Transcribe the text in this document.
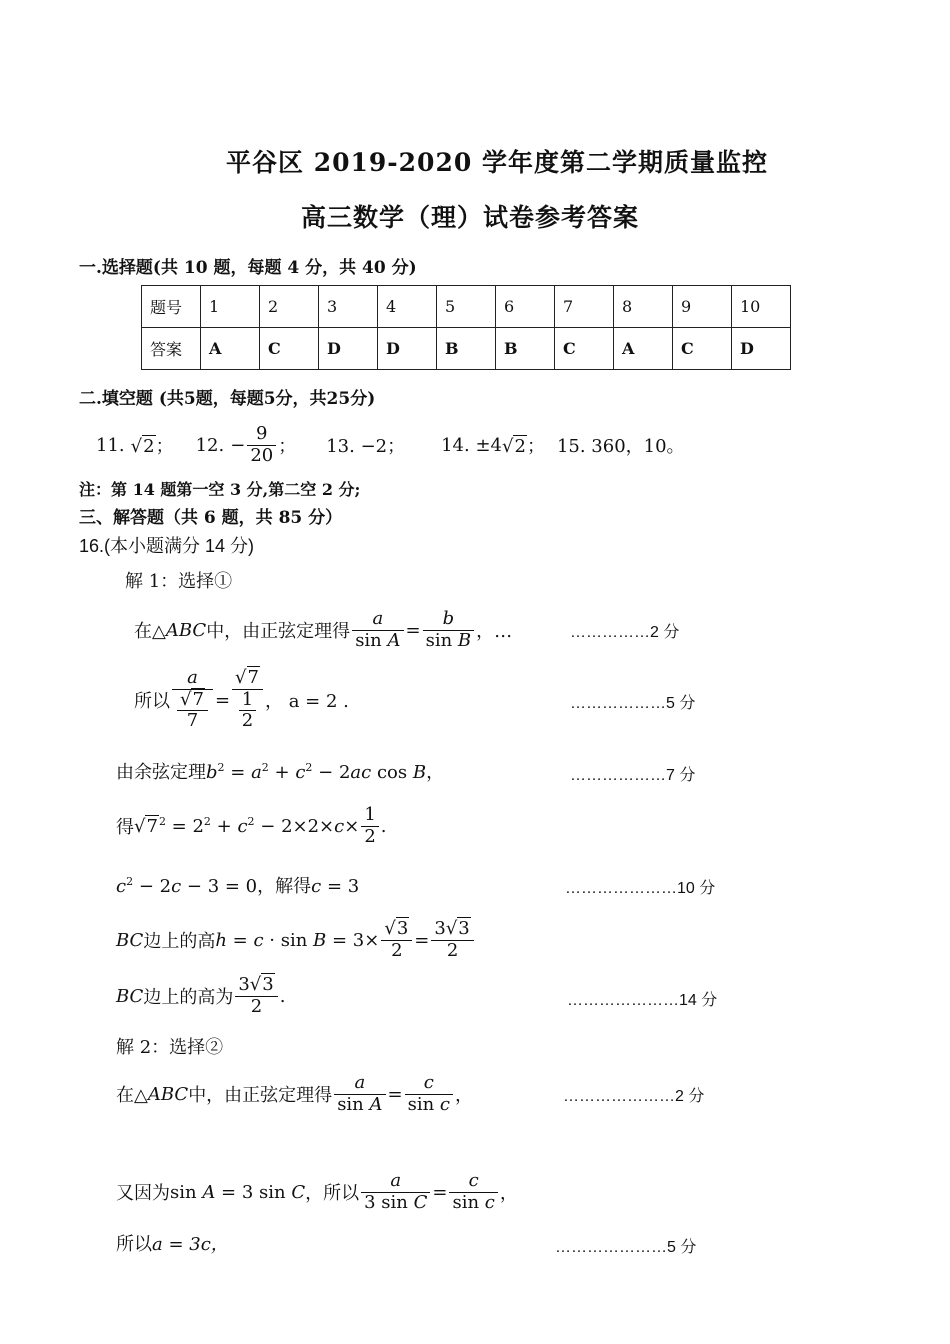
平谷区 2019-2020 学年度第二学期质量监控
高三数学（理）试卷参考答案
一.选择题(共 10 题，每题 4 分，共 40 分)
题号	1	2	3	4	5	6	7	8	9	10
答案	A	C	D	D	B	B	C	A	C	D
二.填空题 (共5题，每题5分，共25分)
11. √2； 12. − $\frac{9}{20}$ ； 13. −2； 14. ±4 √2； 15. 360，10。
注：第 14 题第一空 3 分,第二空 2 分;
三、解答题（共 6 题，共 85 分）
16.(本小题满分 14 分)
解 1：选择①
在△ ABC 中，由正弦定理得 $\frac{a}{\text{sin A}} = \frac{b}{\text{sin B}}$ ，…	……………2 分
所以 $\frac{a}{\frac{√7}{7}} = \frac{√7}{\frac{1}{2}}$ ， a = 2 .	………………5 分
由余弦定理$b^2 = a^2 + c^2 - 2ac$ cos B，	………………7 分
得 $√7^2 = 2^2 + c^2 - 2\times 2\times c\times \frac{1}{2}$ .
$c^2 - 2c - 3 = 0$，解得c = 3	…………………10 分
BC 边上的高 $h = c \cdot \sin B = 3\times \frac{√3}{2} = \frac{3√3}{2}$
BC 边上的高为 $\frac{3√3}{2}$ .	…………………14 分
解 2：选择②
在△ ABC 中，由正弦定理得 $\frac{a}{\text{sin A}} = \frac{c}{\text{sin c}}$ ，	…………………2 分
又因为 sin A = 3 sin C ，所以 $\frac{a}{\text{3 sin C}} = \frac{c}{\text{sin c}}$ ，
所以a = 3c，	…………………5 分
